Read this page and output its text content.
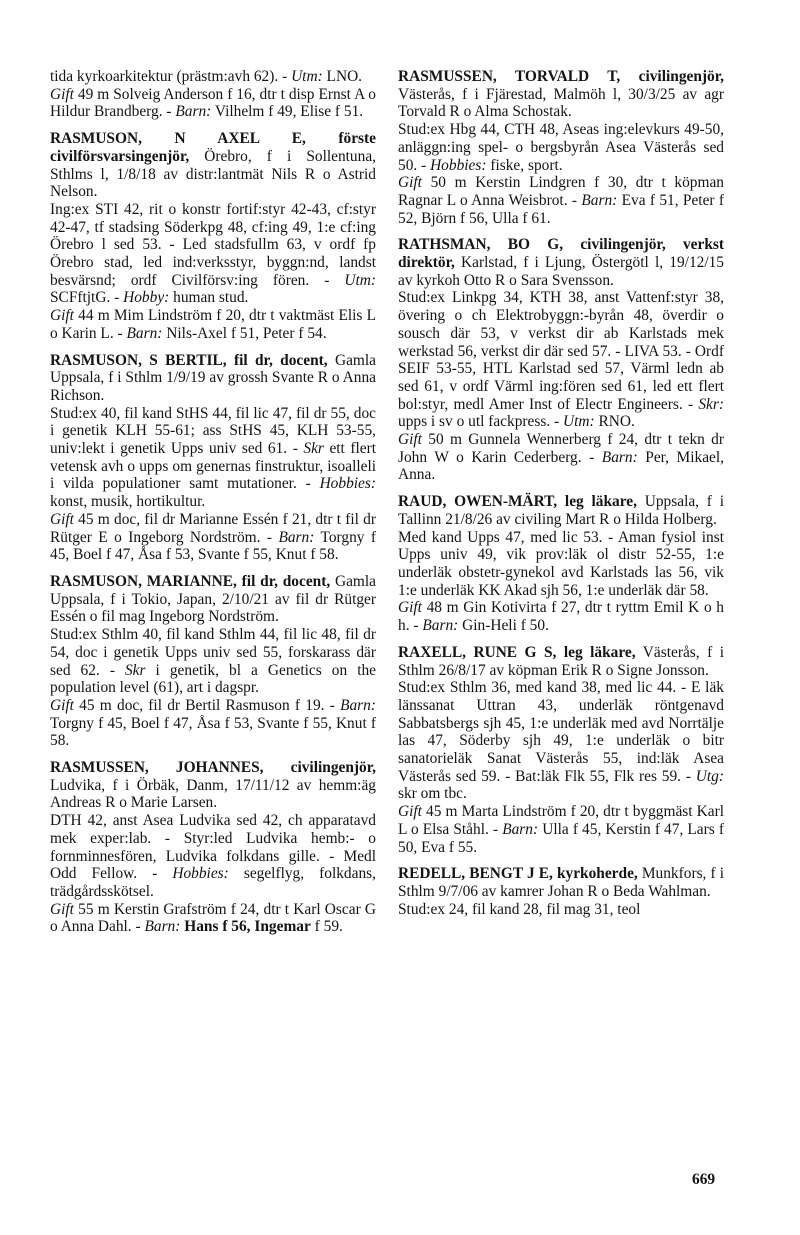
tida kyrkoarkitektur (prästm:avh 62). - Utm: LNO.

Gift 49 m Solveig Anderson f 16, dtr t disp Ernst A o Hildur Brandberg. - Barn: Vilhelm f 49, Elise f 51.

RASMUSON, N AXEL E, förste civilförsvarsingenjör, Örebro, f i Sollentuna, Sthlms l, 1/8/18 av distr:lantmät Nils R o Astrid Nelson.

Ing:ex STI 42, rit o konstr fortif:styr 42-43, cf:styr 42-47, tf stadsing Söderkpg 48, cf:ing 49, 1:e cf:ing Örebro l sed 53. - Led stadsfullm 63, v ordf fp Örebro stad, led ind:verksstyr, byggn:nd, landst besvärsnd; ordf Civilförsv:ing fören. - Utm: SCFftjtG. - Hobby: human stud.

Gift 44 m Mim Lindström f 20, dtr t vaktmäst Elis L o Karin L. - Barn: Nils-Axel f 51, Peter f 54.

RASMUSON, S BERTIL, fil dr, docent, Gamla Uppsala, f i Sthlm 1/9/19 av grossh Svante R o Anna Richson.

Stud:ex 40, fil kand StHS 44, fil lic 47, fil dr 55, doc i genetik KLH 55-61; ass StHS 45, KLH 53-55, univ:lekt i genetik Upps univ sed 61. - Skr ett flert vetensk avh o upps om genernas finstruktur, isoalleli i vilda populationer samt mutationer. - Hobbies: konst, musik, hortikultur.

Gift 45 m doc, fil dr Marianne Essén f 21, dtr t fil dr Rütger E o Ingeborg Nordström. - Barn: Torgny f 45, Boel f 47, Åsa f 53, Svante f 55, Knut f 58.

RASMUSON, MARIANNE, fil dr, docent, Gamla Uppsala, f i Tokio, Japan, 2/10/21 av fil dr Rütger Essén o fil mag Ingeborg Nordström.

Stud:ex Sthlm 40, fil kand Sthlm 44, fil lic 48, fil dr 54, doc i genetik Upps univ sed 55, forskarass där sed 62. - Skr i genetik, bl a Genetics on the population level (61), art i dagspr.

Gift 45 m doc, fil dr Bertil Rasmuson f 19. - Barn: Torgny f 45, Boel f 47, Åsa f 53, Svante f 55, Knut f 58.

RASMUSSEN, JOHANNES, civilingenjör, Ludvika, f i Örbäk, Danm, 17/11/12 av hemm:äg Andreas R o Marie Larsen.

DTH 42, anst Asea Ludvika sed 42, ch apparatavd mek exper:lab. - Styr:led Ludvika hemb:- o fornminnesfören, Ludvika folkdans gille. - Medl Odd Fellow. - Hobbies: segelflyg, folkdans, trädgårdsskötsel.

Gift 55 m Kerstin Grafström f 24, dtr t Karl Oscar G o Anna Dahl. - Barn: Hans f 56, Ingemar f 59.

RASMUSSEN, TORVALD T, civilingenjör, Västerås, f i Fjärestad, Malmöh l, 30/3/25 av agr Torvald R o Alma Schostak.

Stud:ex Hbg 44, CTH 48, Aseas ing:elevkurs 49-50, anläggn:ing spel- o bergsbyrån Asea Västerås sed 50. - Hobbies: fiske, sport.

Gift 50 m Kerstin Lindgren f 30, dtr t köpman Ragnar L o Anna Weisbrot. - Barn: Eva f 51, Peter f 52, Björn f 56, Ulla f 61.

RATHSMAN, BO G, civilingenjör, verkst direktör, Karlstad, f i Ljung, Östergötl l, 19/12/15 av kyrkoh Otto R o Sara Svensson.

Stud:ex Linkpg 34, KTH 38, anst Vattenf:styr 38, övering o ch Elektrobyggn:-byrån 48, överdir o sousch där 53, v verkst dir ab Karlstads mek werkstad 56, verkst dir där sed 57. - LIVA 53. - Ordf SEIF 53-55, HTL Karlstad sed 57, Värml ledn ab sed 61, v ordf Värml ing:fören sed 61, led ett flert bol:styr, medl Amer Inst of Electr Engineers. - Skr: upps i sv o utl fackpress. - Utm: RNO.

Gift 50 m Gunnela Wennerberg f 24, dtr t tekn dr John W o Karin Cederberg. - Barn: Per, Mikael, Anna.

RAUD, OWEN-MÄRT, leg läkare, Uppsala, f i Tallinn 21/8/26 av civiling Mart R o Hilda Holberg.

Med kand Upps 47, med lic 53. - Aman fysiol inst Upps univ 49, vik prov:läk ol distr 52-55, 1:e underläk obstetr-gynekol avd Karlstads las 56, vik 1:e underläk KK Akad sjh 56, 1:e underläk där 58.

Gift 48 m Gin Kotivirta f 27, dtr t ryttm Emil K o h h. - Barn: Gin-Heli f 50.

RAXELL, RUNE G S, leg läkare, Västerås, f i Sthlm 26/8/17 av köpman Erik R o Signe Jonsson.

Stud:ex Sthlm 36, med kand 38, med lic 44. - E läk länssanat Uttran 43, underläk röntgenavd Sabbatsbergs sjh 45, 1:e underläk med avd Norrtälje las 47, Söderby sjh 49, 1:e underläk o bitr sanatorieläk Sanat Västerås 55, ind:läk Asea Västerås sed 59. - Bat:läk Flk 55, Flk res 59. - Utg: skr om tbc.

Gift 45 m Marta Lindström f 20, dtr t byggmäst Karl L o Elsa Ståhl. - Barn: Ulla f 45, Kerstin f 47, Lars f 50, Eva f 55.

REDELL, BENGT J E, kyrkoherde, Munkfors, f i Sthlm 9/7/06 av kamrer Johan R o Beda Wahlman.

Stud:ex 24, fil kand 28, fil mag 31, teol

669
